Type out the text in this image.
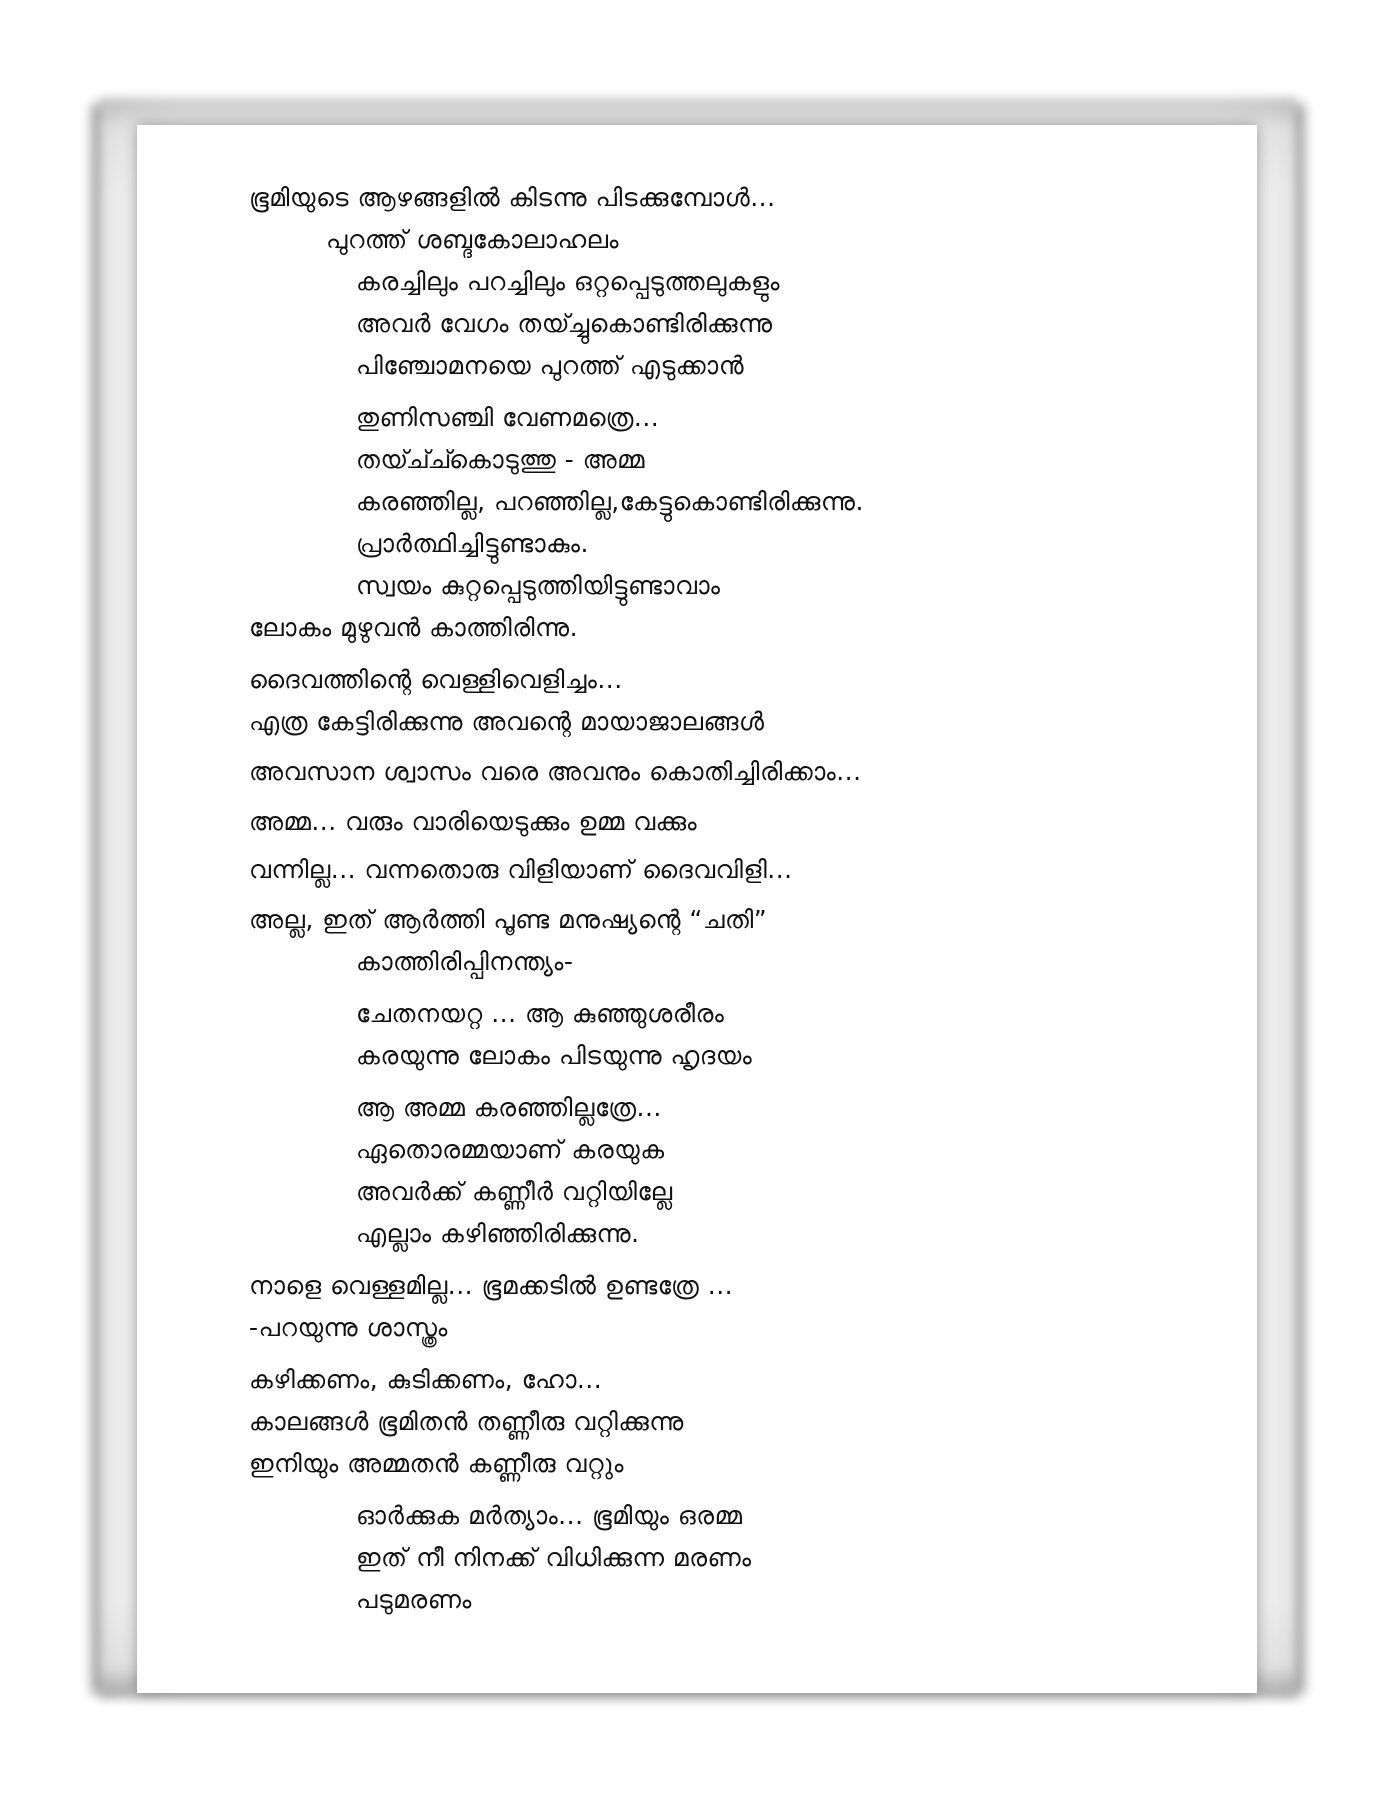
ഭൂമിയുടെ ആഴങ്ങളിൽ കിടന്നു പിടക്കുമ്പോൾ...
പുറത്ത് ശബ്ദകോലാഹലം
കരച്ചിലും പറച്ചിലും ഒറ്റപ്പെടുത്തലുകളും
അവർ വേഗം തയ്ച്ചുകൊണ്ടിരിക്കുന്നു
പിഞ്ചോമനയെ പുറത്ത് എടുക്കാൻ
തുണിസഞ്ചി വേണമത്രെ...
തയ്ച്ച്കൊടുത്തു - അമ്മ
കരഞ്ഞില്ല, പറഞ്ഞില്ല,കേട്ടുകൊണ്ടിരിക്കുന്നു.
പ്രാർത്ഥിച്ചിട്ടുണ്ടാകും.
സ്വയം കുറ്റപ്പെടുത്തിയിട്ടുണ്ടാവാം
ലോകം മുഴുവൻ കാത്തിരിന്നു.
ദൈവത്തിന്റെ വെള്ളിവെളിച്ചം...
എത്ര കേട്ടിരിക്കുന്നു അവന്റെ മായാജാലങ്ങൾ
അവസാന ശ്വാസം വരെ അവനും കൊതിച്ചിരിക്കാം...
അമ്മ... വരും വാരിയെടുക്കും ഉമ്മ വക്കും
വന്നില്ല... വന്നതൊരു വിളിയാണ് ദൈവവിളി...
അല്ല, ഇത് ആർത്തി പൂണ്ട മനുഷ്യന്റെ “ചതി”
കാത്തിരിപ്പിനന്ത്യം-
ചേതനയറ്റ ... ആ കുഞ്ഞുശരീരം
കരയുന്നു ലോകം പിടയുന്നു ഹൃദയം
ആ അമ്മ കരഞ്ഞില്ലത്രേ...
ഏതൊരമ്മയാണ് കരയുക
അവർക്ക് കണ്ണീർ വറ്റിയില്ലേ
എല്ലാം കഴിഞ്ഞിരിക്കുന്നു.
നാളെ വെള്ളമില്ല... ഭൂമക്കടിൽ ഉണ്ടത്രേ ...
-പറയുന്നു ശാസ്ത്രം
കഴിക്കണം, കുടിക്കണം, ഹോ...
കാലങ്ങൾ ഭൂമിതൻ തണ്ണീരു വറ്റിക്കുന്നു
ഇനിയും അമ്മതൻ കണ്ണീരു വറ്റും
ഓർക്കുക മർത്യാം... ഭൂമിയും ഒരമ്മ
ഇത് നീ നിനക്ക് വിധിക്കുന്ന മരണം
പടുമരണം
